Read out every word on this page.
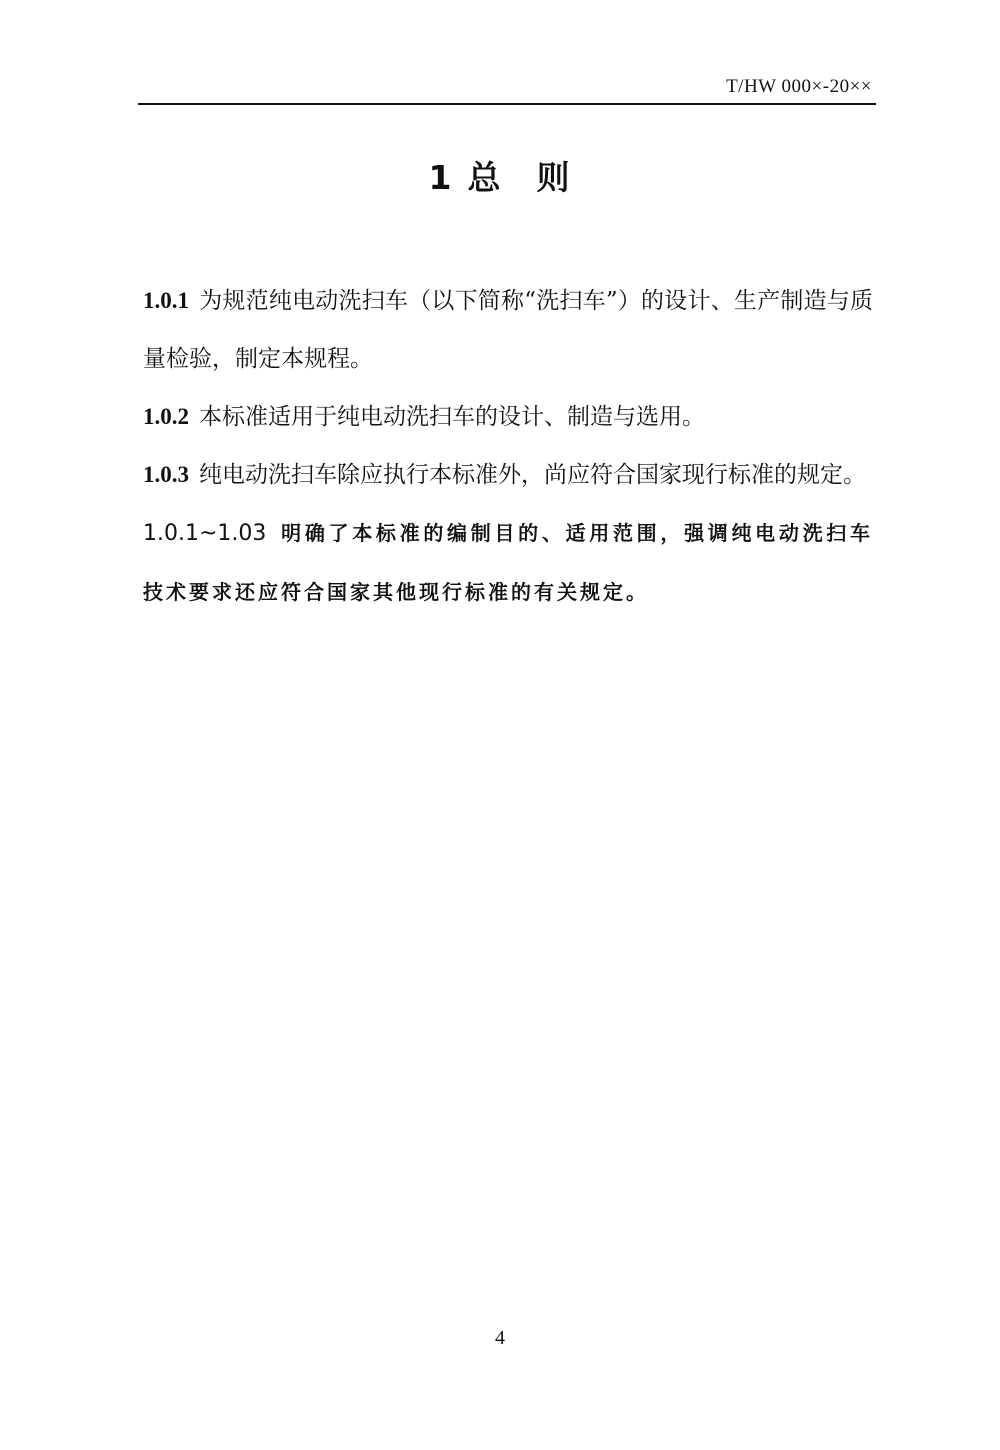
T/HW 000×-20××
1 总 则

1.0.1 为规范纯电动洗扫车（以下简称“洗扫车”）的设计、生产制造与质量检验，制定本规程。

1.0.2 本标准适用于纯电动洗扫车的设计、制造与选用。

1.0.3 纯电动洗扫车除应执行本标准外，尚应符合国家现行标准的规定。

1.0.1~1.03 明确了本标准的编制目的、适用范围，强调纯电动洗扫车技术要求还应符合国家其他现行标准的有关规定。

4
